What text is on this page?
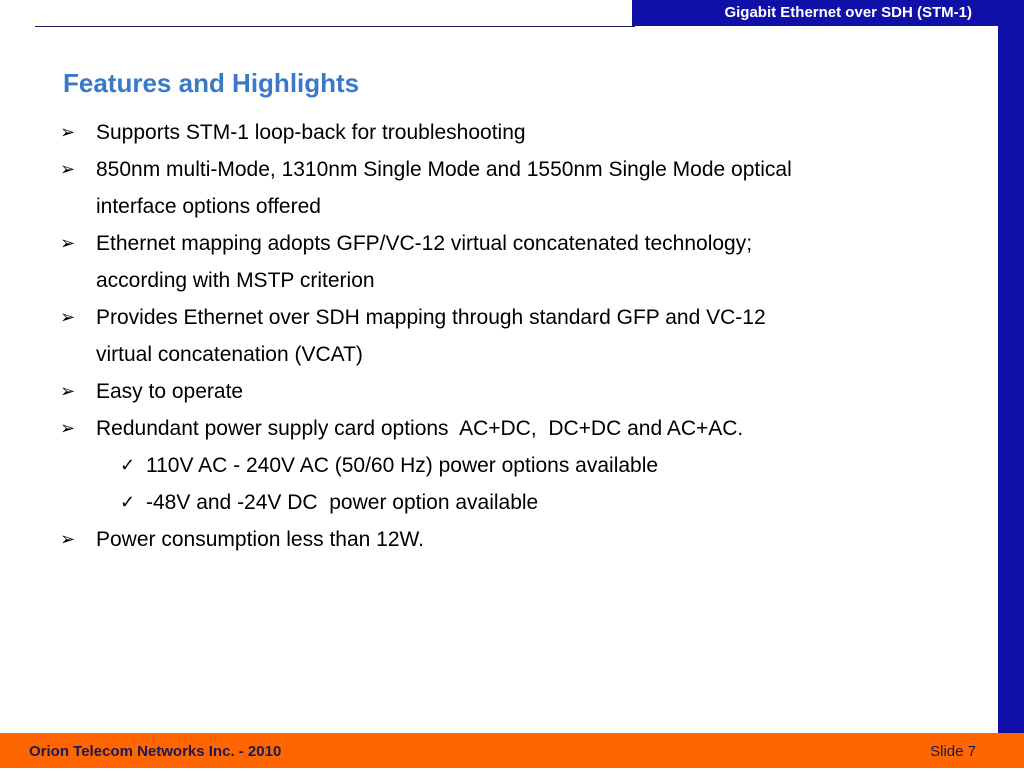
Gigabit Ethernet over SDH (STM-1)
Features and Highlights
➢ Supports STM-1 loop-back for troubleshooting
➢ 850nm multi-Mode, 1310nm Single Mode and 1550nm Single Mode optical
interface options offered
➢ Ethernet mapping adopts GFP/VC-12 virtual concatenated technology;
according with MSTP criterion
➢ Provides Ethernet over SDH mapping through standard GFP and VC-12
virtual concatenation (VCAT)
➢ Easy to operate
➢ Redundant power supply card options  AC+DC,  DC+DC and AC+AC.
✓ 110V AC - 240V AC (50/60 Hz) power options available
✓ -48V and -24V DC  power option available
➢ Power consumption less than 12W.
Orion Telecom Networks Inc. - 2010	Slide 7
